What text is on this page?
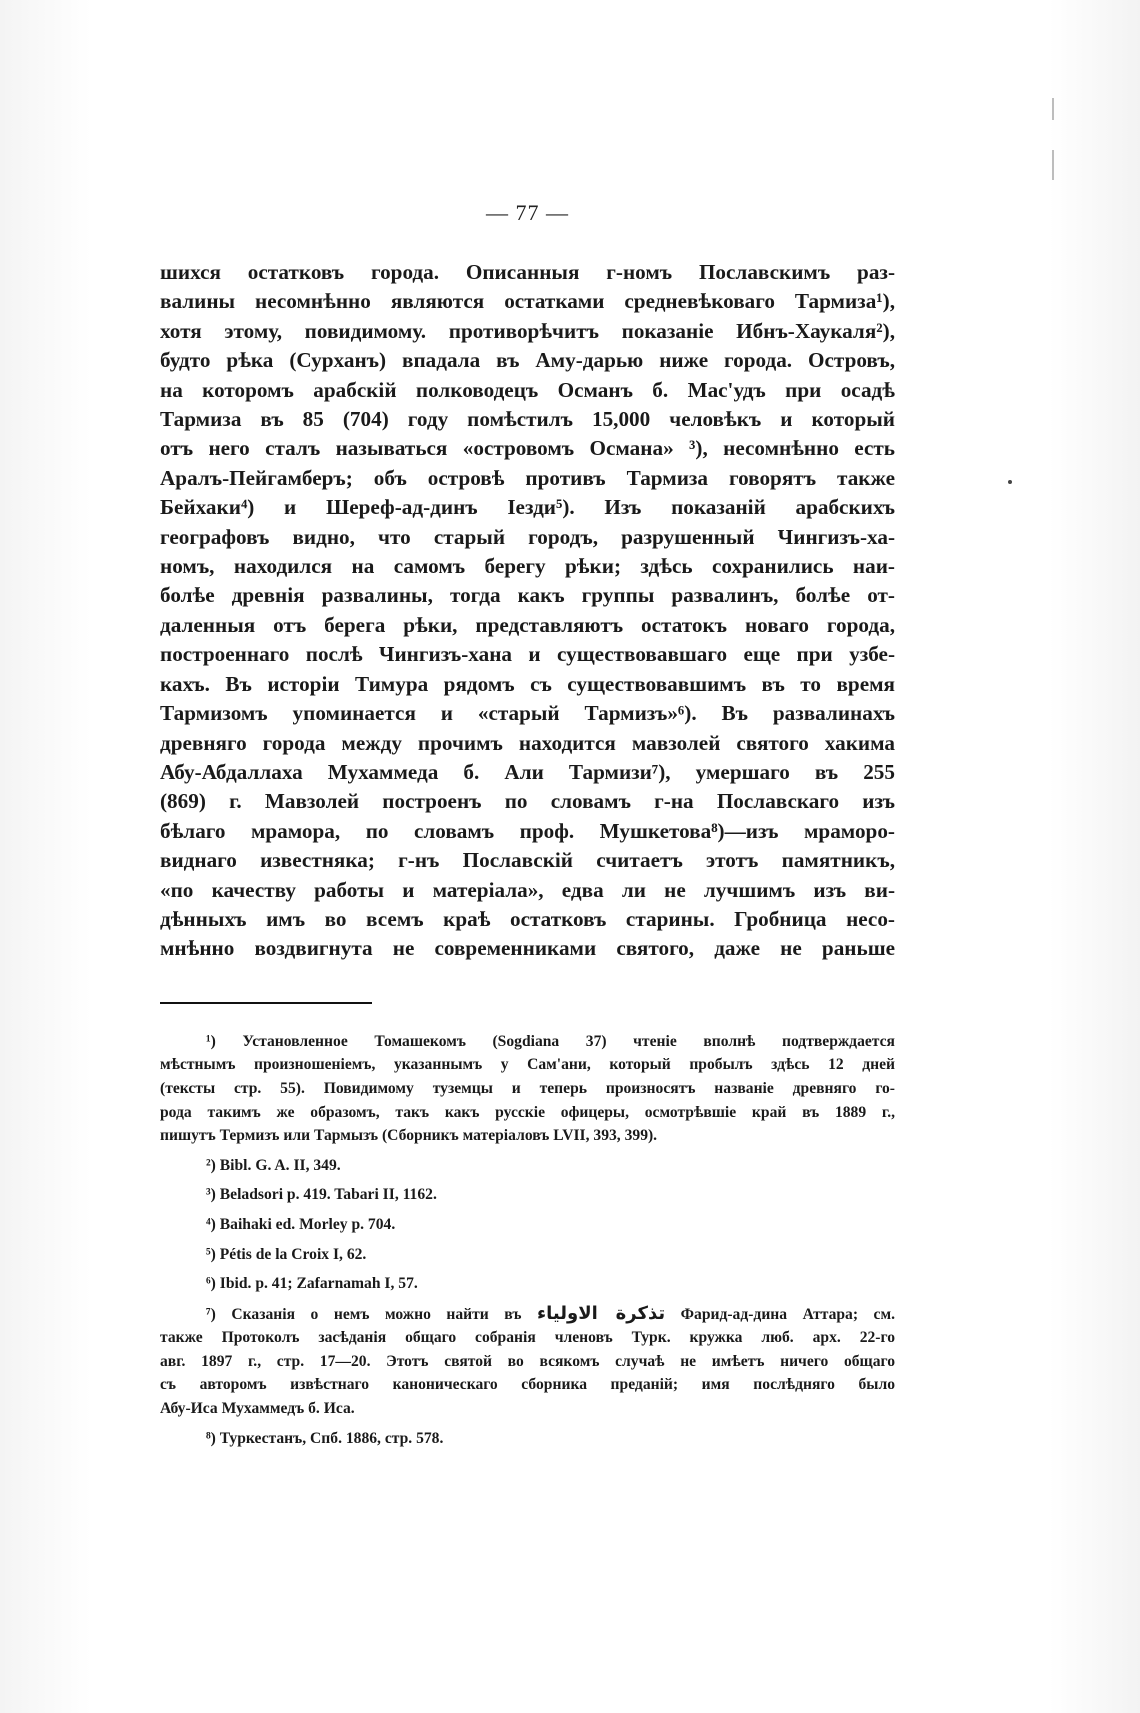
— 77 —
шихся остатковъ города. Описанныя г-номъ Пославскимъ раз-
валины несомнѣнно являются остатками средневѣковаго Тармиза¹),
хотя этому, повидимому. противорѣчитъ показаніе Ибнъ-Хаукаля²),
будто рѣка (Сурханъ) впадала въ Аму-дарью ниже города. Островъ,
на которомъ арабскій полководецъ Османъ б. Мас'удъ при осадѣ
Тармиза въ 85 (704) году помѣстилъ 15,000 человѣкъ и который
отъ него сталъ называться «островомъ Османа» ³), несомнѣнно есть
Аралъ-Пейгамберъ; объ островѣ противъ Тармиза говорятъ также
Бейхаки⁴) и Шереф-ад-динъ Іезди⁵). Изъ показаній арабскихъ
географовъ видно, что старый городъ, разрушенный Чингизъ-ха-
номъ, находился на самомъ берегу рѣки; здѣсь сохранились наи-
болѣе древнія развалины, тогда какъ группы развалинъ, болѣе от-
даленныя отъ берега рѣки, представляютъ остатокъ новаго города,
построеннаго послѣ Чингизъ-хана и существовавшаго еще при узбе-
кахъ. Въ исторіи Тимура рядомъ съ существовавшимъ въ то время
Тармизомъ упоминается и «старый Тармизъ»⁶). Въ развалинахъ
древняго города между прочимъ находится мавзолей святого хакима
Абу-Абдаллаха Мухаммеда б. Али Тармизи⁷), умершаго въ 255
(869) г. Мавзолей построенъ по словамъ г-на Пославскаго изъ
бѣлаго мрамора, по словамъ проф. Мушкетова⁸)—изъ мраморо-
виднаго известняка; г-нъ Пославскій считаетъ этотъ памятникъ,
«по качеству работы и матеріала», едва ли не лучшимъ изъ ви-
дѣнныхъ имъ во всемъ краѣ остатковъ старины. Гробница несо-
мнѣнно воздвигнута не современниками святого, даже не раньше
¹) Установленное Томашекомъ (Sogdiana 37) чтеніе вполнѣ подтверждается
мѣстнымъ произношеніемъ, указаннымъ у Сам'ани, который пробылъ здѣсь 12 дней
(тексты стр. 55). Повидимому туземцы и теперь произносятъ названіе древняго го-
рода такимъ же образомъ, такъ какъ русскіе офицеры, осмотрѣвшіе край въ 1889 г.,
пишутъ Термизъ или Тармызъ (Сборникъ матеріаловъ LVII, 393, 399).
²) Bibl. G. A. II, 349.
³) Beladsori p. 419. Tabari II, 1162.
⁴) Baihaki ed. Morley p. 704.
⁵) Pétis de la Croix I, 62.
⁶) Ibid. p. 41; Zafarnamah I, 57.
⁷) Сказанія о немъ можно найти въ تذكرة الاولياء Фарид-ад-дина Аттара; см.
также Протоколъ засѣданія общаго собранія членовъ Турк. кружка люб. арх. 22-го
авг. 1897 г., стр. 17—20. Этотъ святой во всякомъ случаѣ не имѣетъ ничего общаго
съ авторомъ извѣстнаго каноническаго сборника преданій; имя послѣдняго было
Абу-Иса Мухаммедъ б. Иса.
⁸) Туркестанъ, Спб. 1886, стр. 578.
